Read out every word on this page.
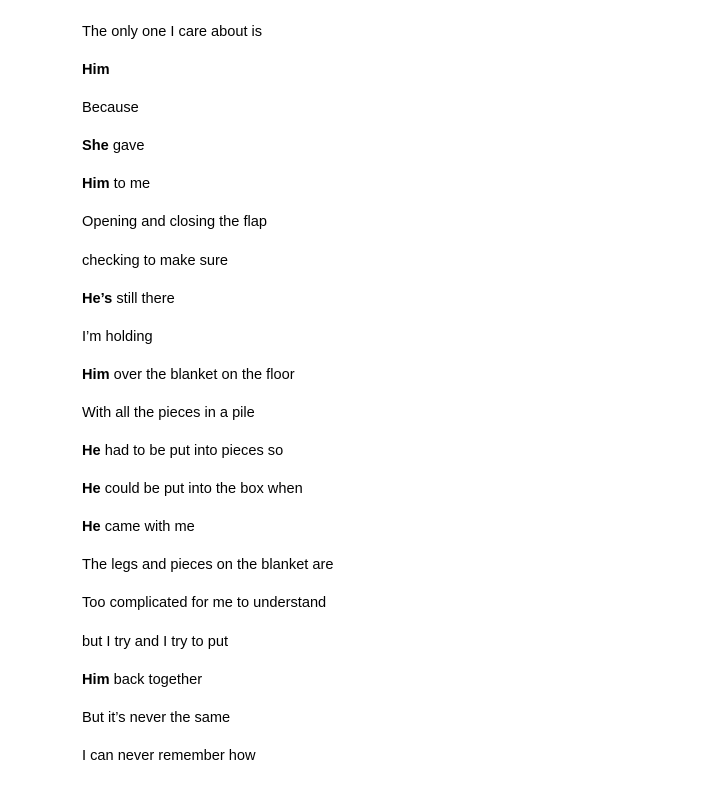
The only one I care about is
Him
Because
She gave
Him to me
Opening and closing the flap
checking to make sure
He’s still there
I’m holding
Him over the blanket on the floor
With all the pieces in a pile
He had to be put into pieces so
He could be put into the box when
He came with me
The legs and pieces on the blanket are
Too complicated for me to understand
but I try and I try to put
Him back together
But it’s never the same
I can never remember how
